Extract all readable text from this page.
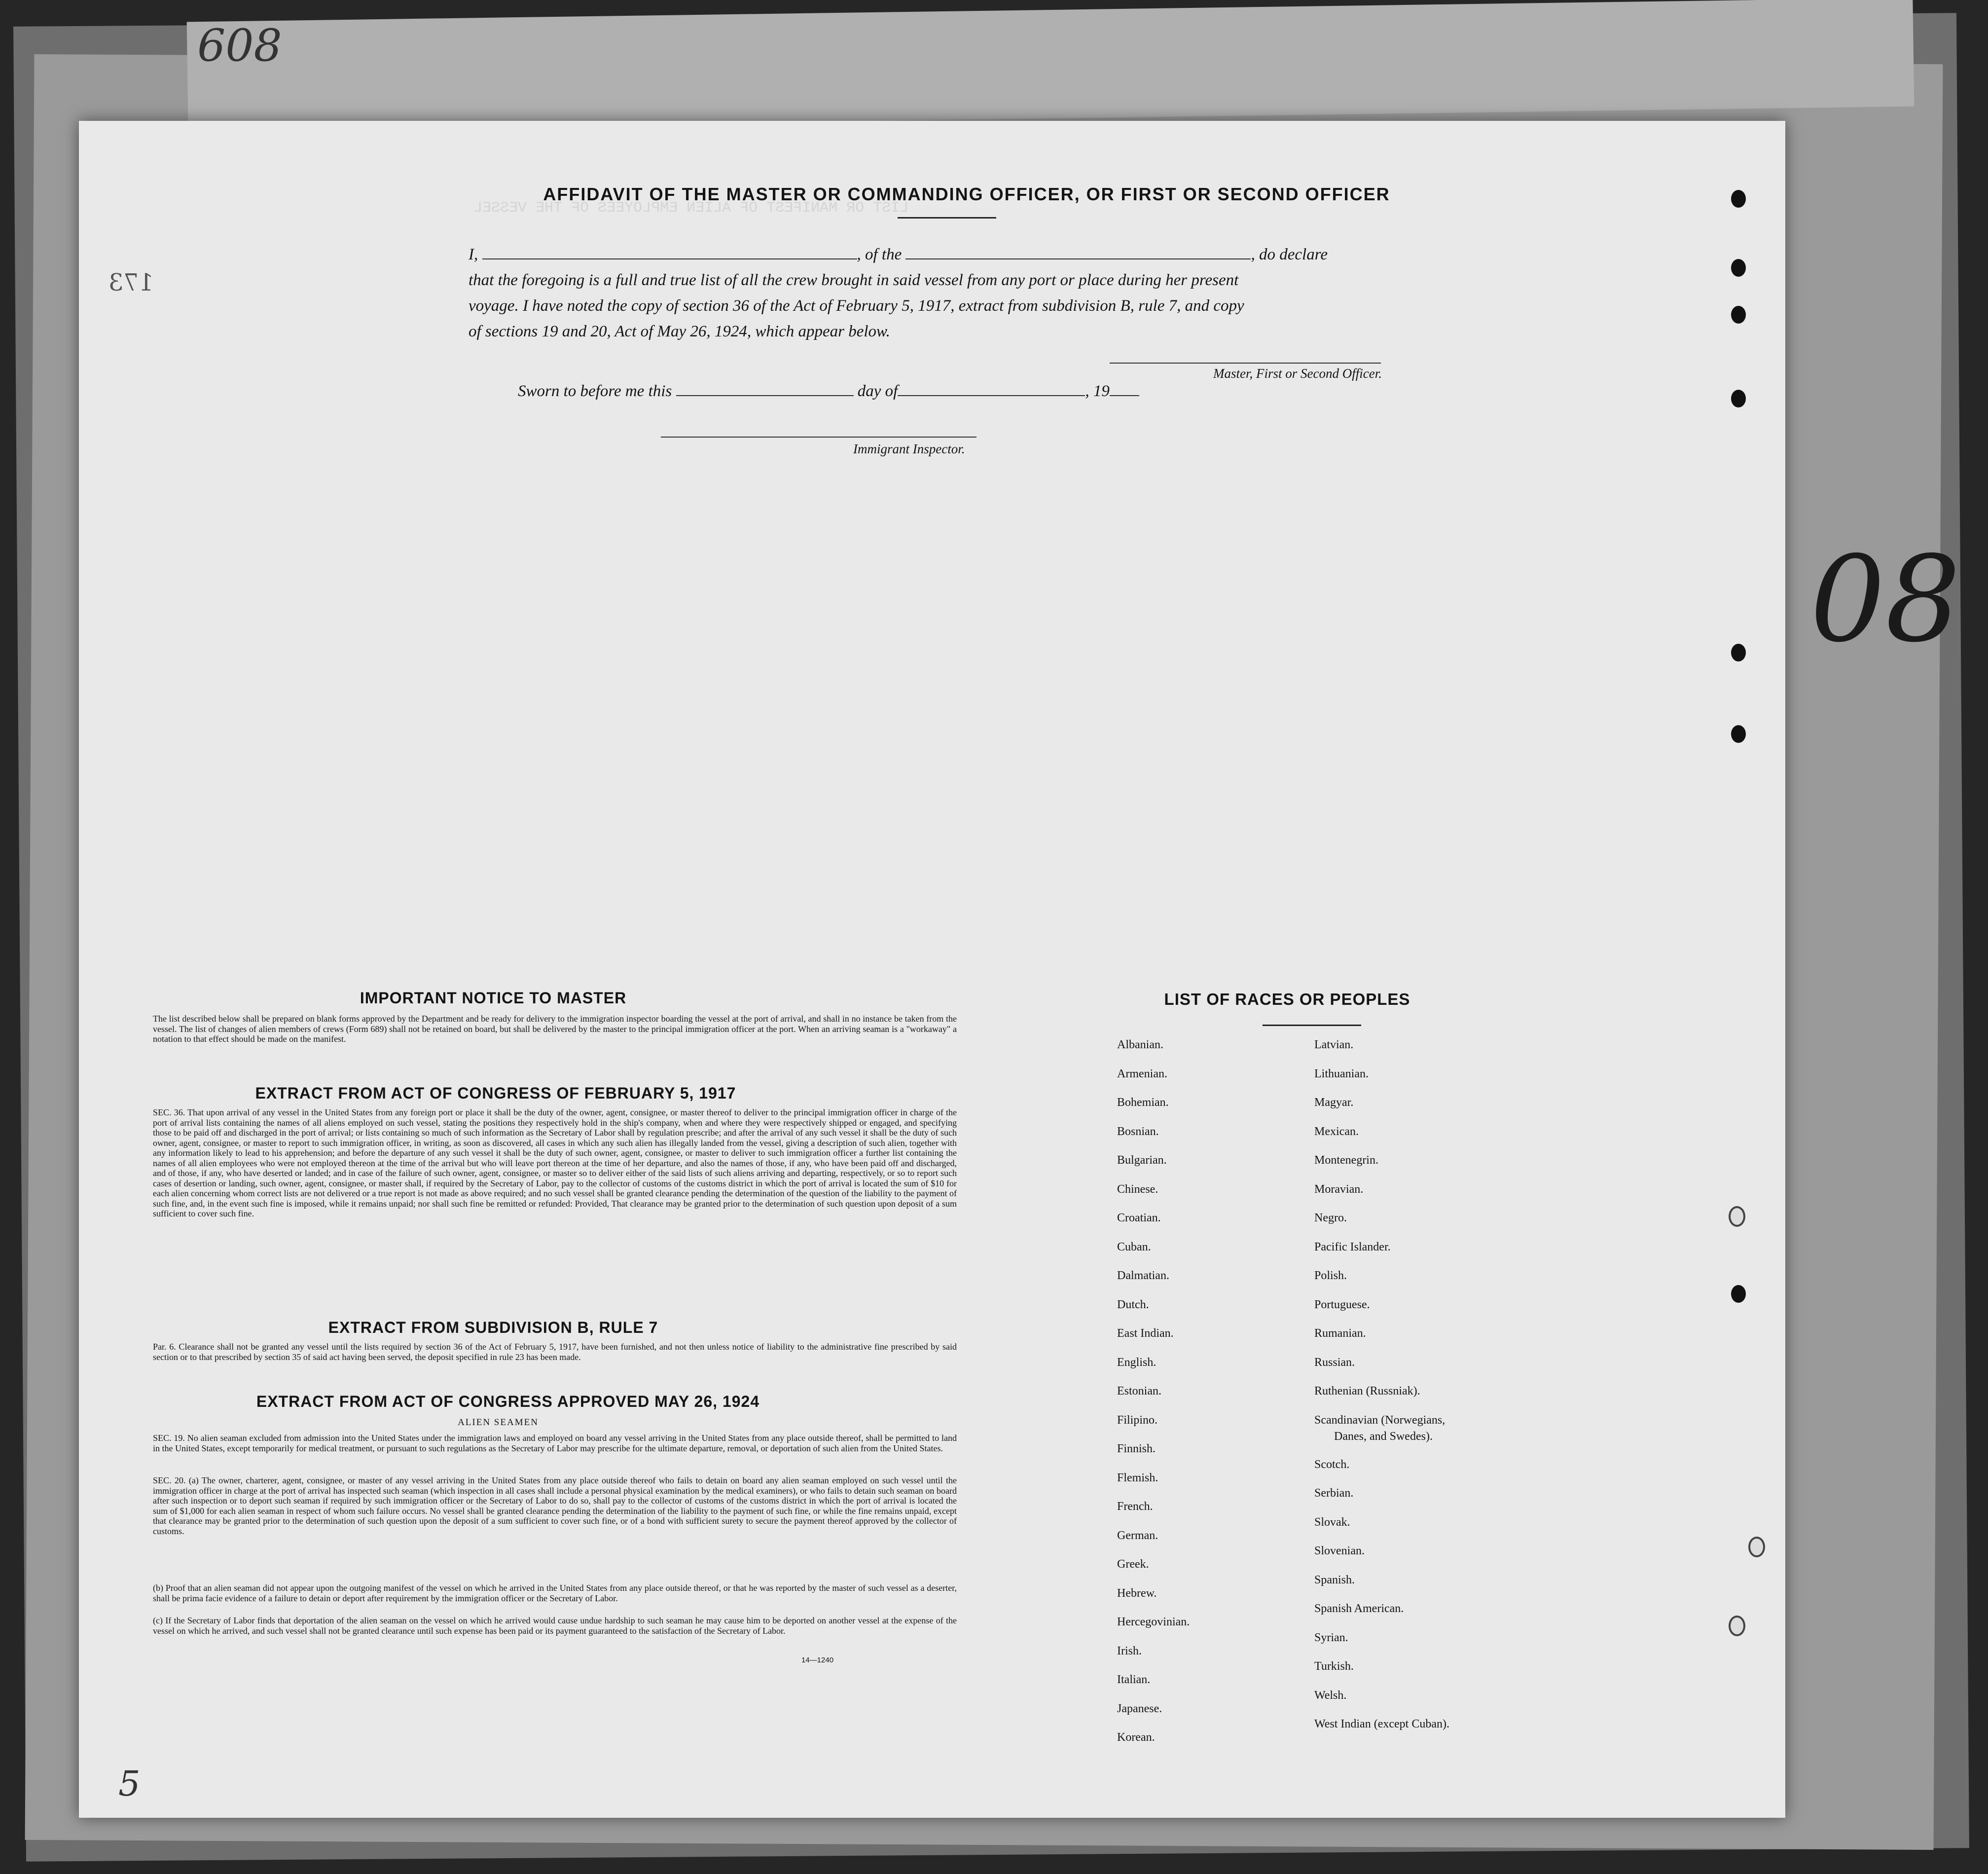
608
LIST OR MANIFEST OF ALIEN EMPLOYEES OF THE VESSEL
AFFIDAVIT OF THE MASTER OR COMMANDING OFFICER, OR FIRST OR SECOND OFFICER
I,	, of the	, do declare
that the foregoing is a full and true list of all the crew brought in said vessel from any port or place during her present
voyage. I have noted the copy of section 36 of the Act of February 5, 1917, extract from subdivision B, rule 7, and copy
of sections 19 and 20, Act of May 26, 1924, which appear below.
Master, First or Second Officer.
Sworn to before me this	day of	, 19
Immigrant Inspector.
173
IMPORTANT NOTICE TO MASTER
The list described below shall be prepared on blank forms approved by the Department and be ready for delivery to the immigration inspector boarding the vessel at the port of arrival, and shall in no instance be taken from the vessel. The list of changes of alien members of crews (Form 689) shall not be retained on board, but shall be delivered by the master to the principal immigration officer at the port. When an arriving seaman is a "workaway" a notation to that effect should be made on the manifest.
EXTRACT FROM ACT OF CONGRESS OF FEBRUARY 5, 1917
SEC. 36. That upon arrival of any vessel in the United States from any foreign port or place it shall be the duty of the owner, agent, consignee, or master thereof to deliver to the principal immigration officer in charge of the port of arrival lists containing the names of all aliens employed on such vessel, stating the positions they respectively hold in the ship's company, when and where they were respectively shipped or engaged, and specifying those to be paid off and discharged in the port of arrival; or lists containing so much of such information as the Secretary of Labor shall by regulation prescribe; and after the arrival of any such vessel it shall be the duty of such owner, agent, consignee, or master to report to such immigration officer, in writing, as soon as discovered, all cases in which any such alien has illegally landed from the vessel, giving a description of such alien, together with any information likely to lead to his apprehension; and before the departure of any such vessel it shall be the duty of such owner, agent, consignee, or master to deliver to such immigration officer a further list containing the names of all alien employees who were not employed thereon at the time of the arrival but who will leave port thereon at the time of her departure, and also the names of those, if any, who have been paid off and discharged, and of those, if any, who have deserted or landed; and in case of the failure of such owner, agent, consignee, or master so to deliver either of the said lists of such aliens arriving and departing, respectively, or so to report such cases of desertion or landing, such owner, agent, consignee, or master shall, if required by the Secretary of Labor, pay to the collector of customs of the customs district in which the port of arrival is located the sum of $10 for each alien concerning whom correct lists are not delivered or a true report is not made as above required; and no such vessel shall be granted clearance pending the determination of the question of the liability to the payment of such fine, and, in the event such fine is imposed, while it remains unpaid; nor shall such fine be remitted or refunded: Provided, That clearance may be granted prior to the determination of such question upon deposit of a sum sufficient to cover such fine.
EXTRACT FROM SUBDIVISION B, RULE 7
Par. 6. Clearance shall not be granted any vessel until the lists required by section 36 of the Act of February 5, 1917, have been furnished, and not then unless notice of liability to the administrative fine prescribed by said section or to that prescribed by section 35 of said act having been served, the deposit specified in rule 23 has been made.
EXTRACT FROM ACT OF CONGRESS APPROVED MAY 26, 1924
ALIEN SEAMEN
SEC. 19. No alien seaman excluded from admission into the United States under the immigration laws and employed on board any vessel arriving in the United States from any place outside thereof, shall be permitted to land in the United States, except temporarily for medical treatment, or pursuant to such regulations as the Secretary of Labor may prescribe for the ultimate departure, removal, or deportation of such alien from the United States.
SEC. 20. (a) The owner, charterer, agent, consignee, or master of any vessel arriving in the United States from any place outside thereof who fails to detain on board any alien seaman employed on such vessel until the immigration officer in charge at the port of arrival has inspected such seaman (which inspection in all cases shall include a personal physical examination by the medical examiners), or who fails to detain such seaman on board after such inspection or to deport such seaman if required by such immigration officer or the Secretary of Labor to do so, shall pay to the collector of customs of the customs district in which the port of arrival is located the sum of $1,000 for each alien seaman in respect of whom such failure occurs. No vessel shall be granted clearance pending the determination of the liability to the payment of such fine, or while the fine remains unpaid, except that clearance may be granted prior to the determination of such question upon the deposit of a sum sufficient to cover such fine, or of a bond with sufficient surety to secure the payment thereof approved by the collector of customs.
(b) Proof that an alien seaman did not appear upon the outgoing manifest of the vessel on which he arrived in the United States from any place outside thereof, or that he was reported by the master of such vessel as a deserter, shall be prima facie evidence of a failure to detain or deport after requirement by the immigration officer or the Secretary of Labor.
(c) If the Secretary of Labor finds that deportation of the alien seaman on the vessel on which he arrived would cause undue hardship to such seaman he may cause him to be deported on another vessel at the expense of the vessel on which he arrived, and such vessel shall not be granted clearance until such expense has been paid or its payment guaranteed to the satisfaction of the Secretary of Labor.
14—1240
LIST OF RACES OR PEOPLES
08
5
Albanian.
Armenian.
Bohemian.
Bosnian.
Bulgarian.
Chinese.
Croatian.
Cuban.
Dalmatian.
Dutch.
East Indian.
English.
Estonian.
Filipino.
Finnish.
Flemish.
French.
German.
Greek.
Hebrew.
Hercegovinian.
Irish.
Italian.
Japanese.
Korean.
Latvian.
Lithuanian.
Magyar.
Mexican.
Montenegrin.
Moravian.
Negro.
Pacific Islander.
Polish.
Portuguese.
Rumanian.
Russian.
Ruthenian (Russniak).
Scandinavian (Norwegians,
Danes, and Swedes).
Scotch.
Serbian.
Slovak.
Slovenian.
Spanish.
Spanish American.
Syrian.
Turkish.
Welsh.
West Indian (except Cuban).
